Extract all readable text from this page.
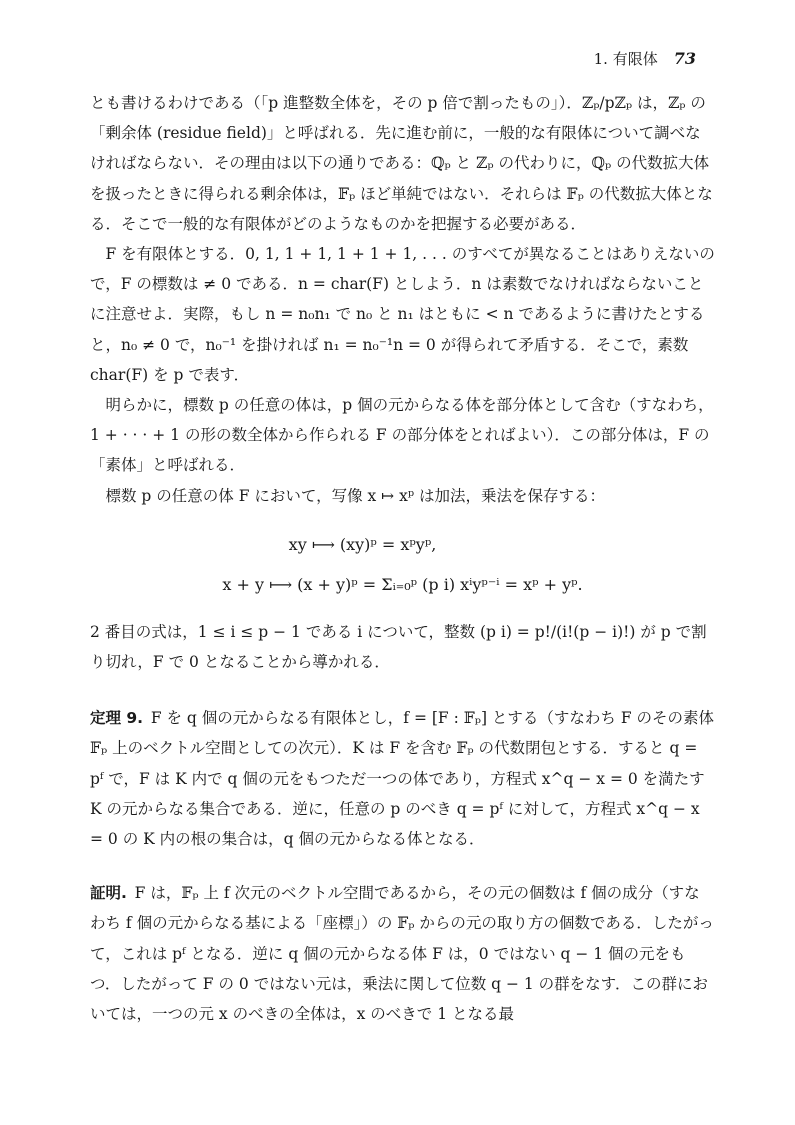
1. 有限体 73

とも書けるわけである（「p 進整数全体を，その p 倍で割ったもの」）．ℤₚ/pℤₚ は，ℤₚ の「剰余体 (residue field)」と呼ばれる．先に進む前に，一般的な有限体について調べなければならない．その理由は以下の通りである：ℚₚ と ℤₚ の代わりに，ℚₚ の代数拡大体を扱ったときに得られる剰余体は，𝔽ₚ ほど単純ではない．それらは 𝔽ₚ の代数拡大体となる．そこで一般的な有限体がどのようなものかを把握する必要がある．

F を有限体とする．0, 1, 1 + 1, 1 + 1 + 1, . . . のすべてが異なることはありえないので，F の標数は ≠ 0 である．n = char(F) としよう．n は素数でなければならないことに注意せよ．実際，もし n = n₀n₁ で n₀ と n₁ はともに < n であるように書けたとすると，n₀ ≠ 0 で，n₀⁻¹ を掛ければ n₁ = n₀⁻¹n = 0 が得られて矛盾する．そこで，素数 char(F) を p で表す．

明らかに，標数 p の任意の体は，p 個の元からなる体を部分体として含む（すなわち，1 + · · · + 1 の形の数全体から作られる F の部分体をとればよい）．この部分体は，F の「素体」と呼ばれる．

標数 p の任意の体 F において，写像 x ↦ xᵖ は加法，乗法を保存する：

xy ⟼ (xy)ᵖ = xᵖyᵖ,
x + y ⟼ (x + y)ᵖ = Σᵢ₌₀ᵖ (p i) xⁱyᵖ⁻ⁱ = xᵖ + yᵖ.

2 番目の式は，1 ≤ i ≤ p − 1 である i について，整数 (p i) = p!/(i!(p − i)!) が p で割り切れ，F で 0 となることから導かれる．

定理 9. F を q 個の元からなる有限体とし，f = [F : 𝔽ₚ] とする（すなわち F のその素体 𝔽ₚ 上のベクトル空間としての次元）．K は F を含む 𝔽ₚ の代数閉包とする．すると q = pᶠ で，F は K 内で q 個の元をもつただ一つの体であり，方程式 x^q − x = 0 を満たす K の元からなる集合である．逆に，任意の p のべき q = pᶠ に対して，方程式 x^q − x = 0 の K 内の根の集合は，q 個の元からなる体となる．

証明. F は，𝔽ₚ 上 f 次元のベクトル空間であるから，その元の個数は f 個の成分（すなわち f 個の元からなる基による「座標」）の 𝔽ₚ からの元の取り方の個数である．したがって，これは pᶠ となる．逆に q 個の元からなる体 F は，0 ではない q − 1 個の元をもつ．したがって F の 0 ではない元は，乗法に関して位数 q − 1 の群をなす．この群においては，一つの元 x のべきの全体は，x のべきで 1 となる最
